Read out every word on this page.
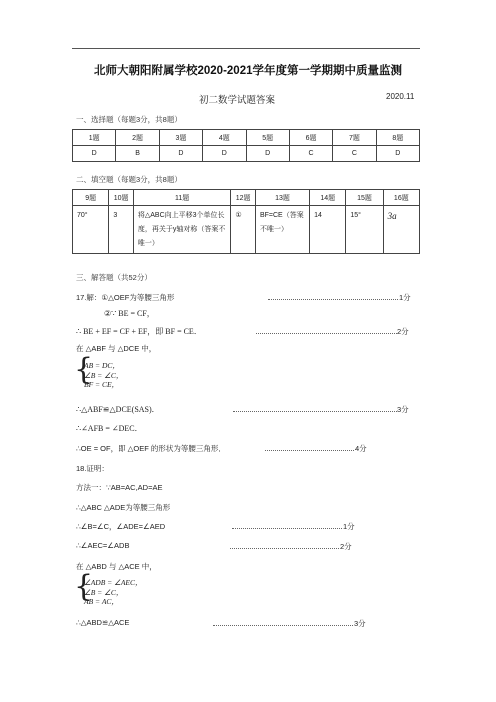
北师大朝阳附属学校2020-2021学年度第一学期期中质量监测
初二数学试题答案	2020.11
一、选择题（每题3分，共8题）
1题	2题	3题	4题	5题	6题	7题	8题
D	B	D	D	D	C	C	D
二、填空题（每题3分，共8题）
9题	10题	11题	12题	13题	14题	15题	16题
70°	3	将△ABC向上平移3个单位长度，再关于y轴对称（答案不唯一）	①	BF=CE（答案不唯一）	14	15°	3a
三、解答题（共52分）
17.解：①△OEF为等腰三角形	1分
②∵ BE = CF，
∴ BE + EF = CF + EF，即 BF = CE．	2分
在 △ABF 与 △DCE 中，
{
AB = DC，
∠B = ∠C，
BF = CE，
∴△ABF≌△DCE(SAS)．	3分
∴∠AFB = ∠DEC．
∴OE = OF，即 △OEF 的形状为等腰三角形．	4分
18.证明：
方法一：∵AB=AC,AD=AE
∴△ABC △ADE为等腰三角形
∴∠B=∠C，∠ADE=∠AED	1分
∴∠AEC=∠ADB	2分
在 △ABD 与 △ACE 中，
{
∠ADB = ∠AEC，
∠B = ∠C，
AB = AC，
∴△ABD≌△ACE	3分
